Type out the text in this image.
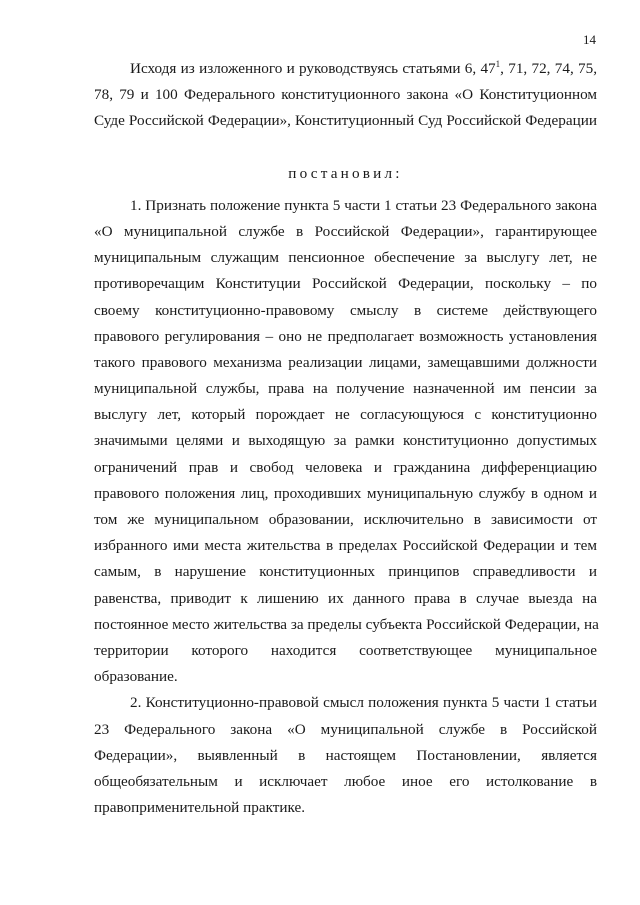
14
Исходя из изложенного и руководствуясь статьями 6, $47^1$, 71, 72, 74, 75,
78, 79 и 100 Федерального конституционного закона «О Конституционном
Суде Российской Федерации», Конституционный Суд Российской Федерации
постановил:
1. Признать положение пункта 5 части 1 статьи 23 Федерального закона
«О муниципальной службе в Российской Федерации», гарантирующее
муниципальным служащим пенсионное обеспечение за выслугу лет, не
противоречащим Конституции Российской Федерации, поскольку – по
своему конституционно-правовому смыслу в системе действующего
правового регулирования – оно не предполагает возможность установления
такого правового механизма реализации лицами, замещавшими должности
муниципальной службы, права на получение назначенной им пенсии за
выслугу лет, который порождает не согласующуюся с конституционно
значимыми целями и выходящую за рамки конституционно допустимых
ограничений прав и свобод человека и гражданина дифференциацию
правового положения лиц, проходивших муниципальную службу в одном и
том же муниципальном образовании, исключительно в зависимости от
избранного ими места жительства в пределах Российской Федерации и тем
самым, в нарушение конституционных принципов справедливости и
равенства, приводит к лишению их данного права в случае выезда на
постоянное место жительства за пределы субъекта Российской Федерации, на
территории которого находится соответствующее муниципальное
образование.
2. Конституционно-правовой смысл положения пункта 5 части 1 статьи
23 Федерального закона «О муниципальной службе в Российской
Федерации», выявленный в настоящем Постановлении, является
общеобязательным и исключает любое иное его истолкование в
правоприменительной практике.
